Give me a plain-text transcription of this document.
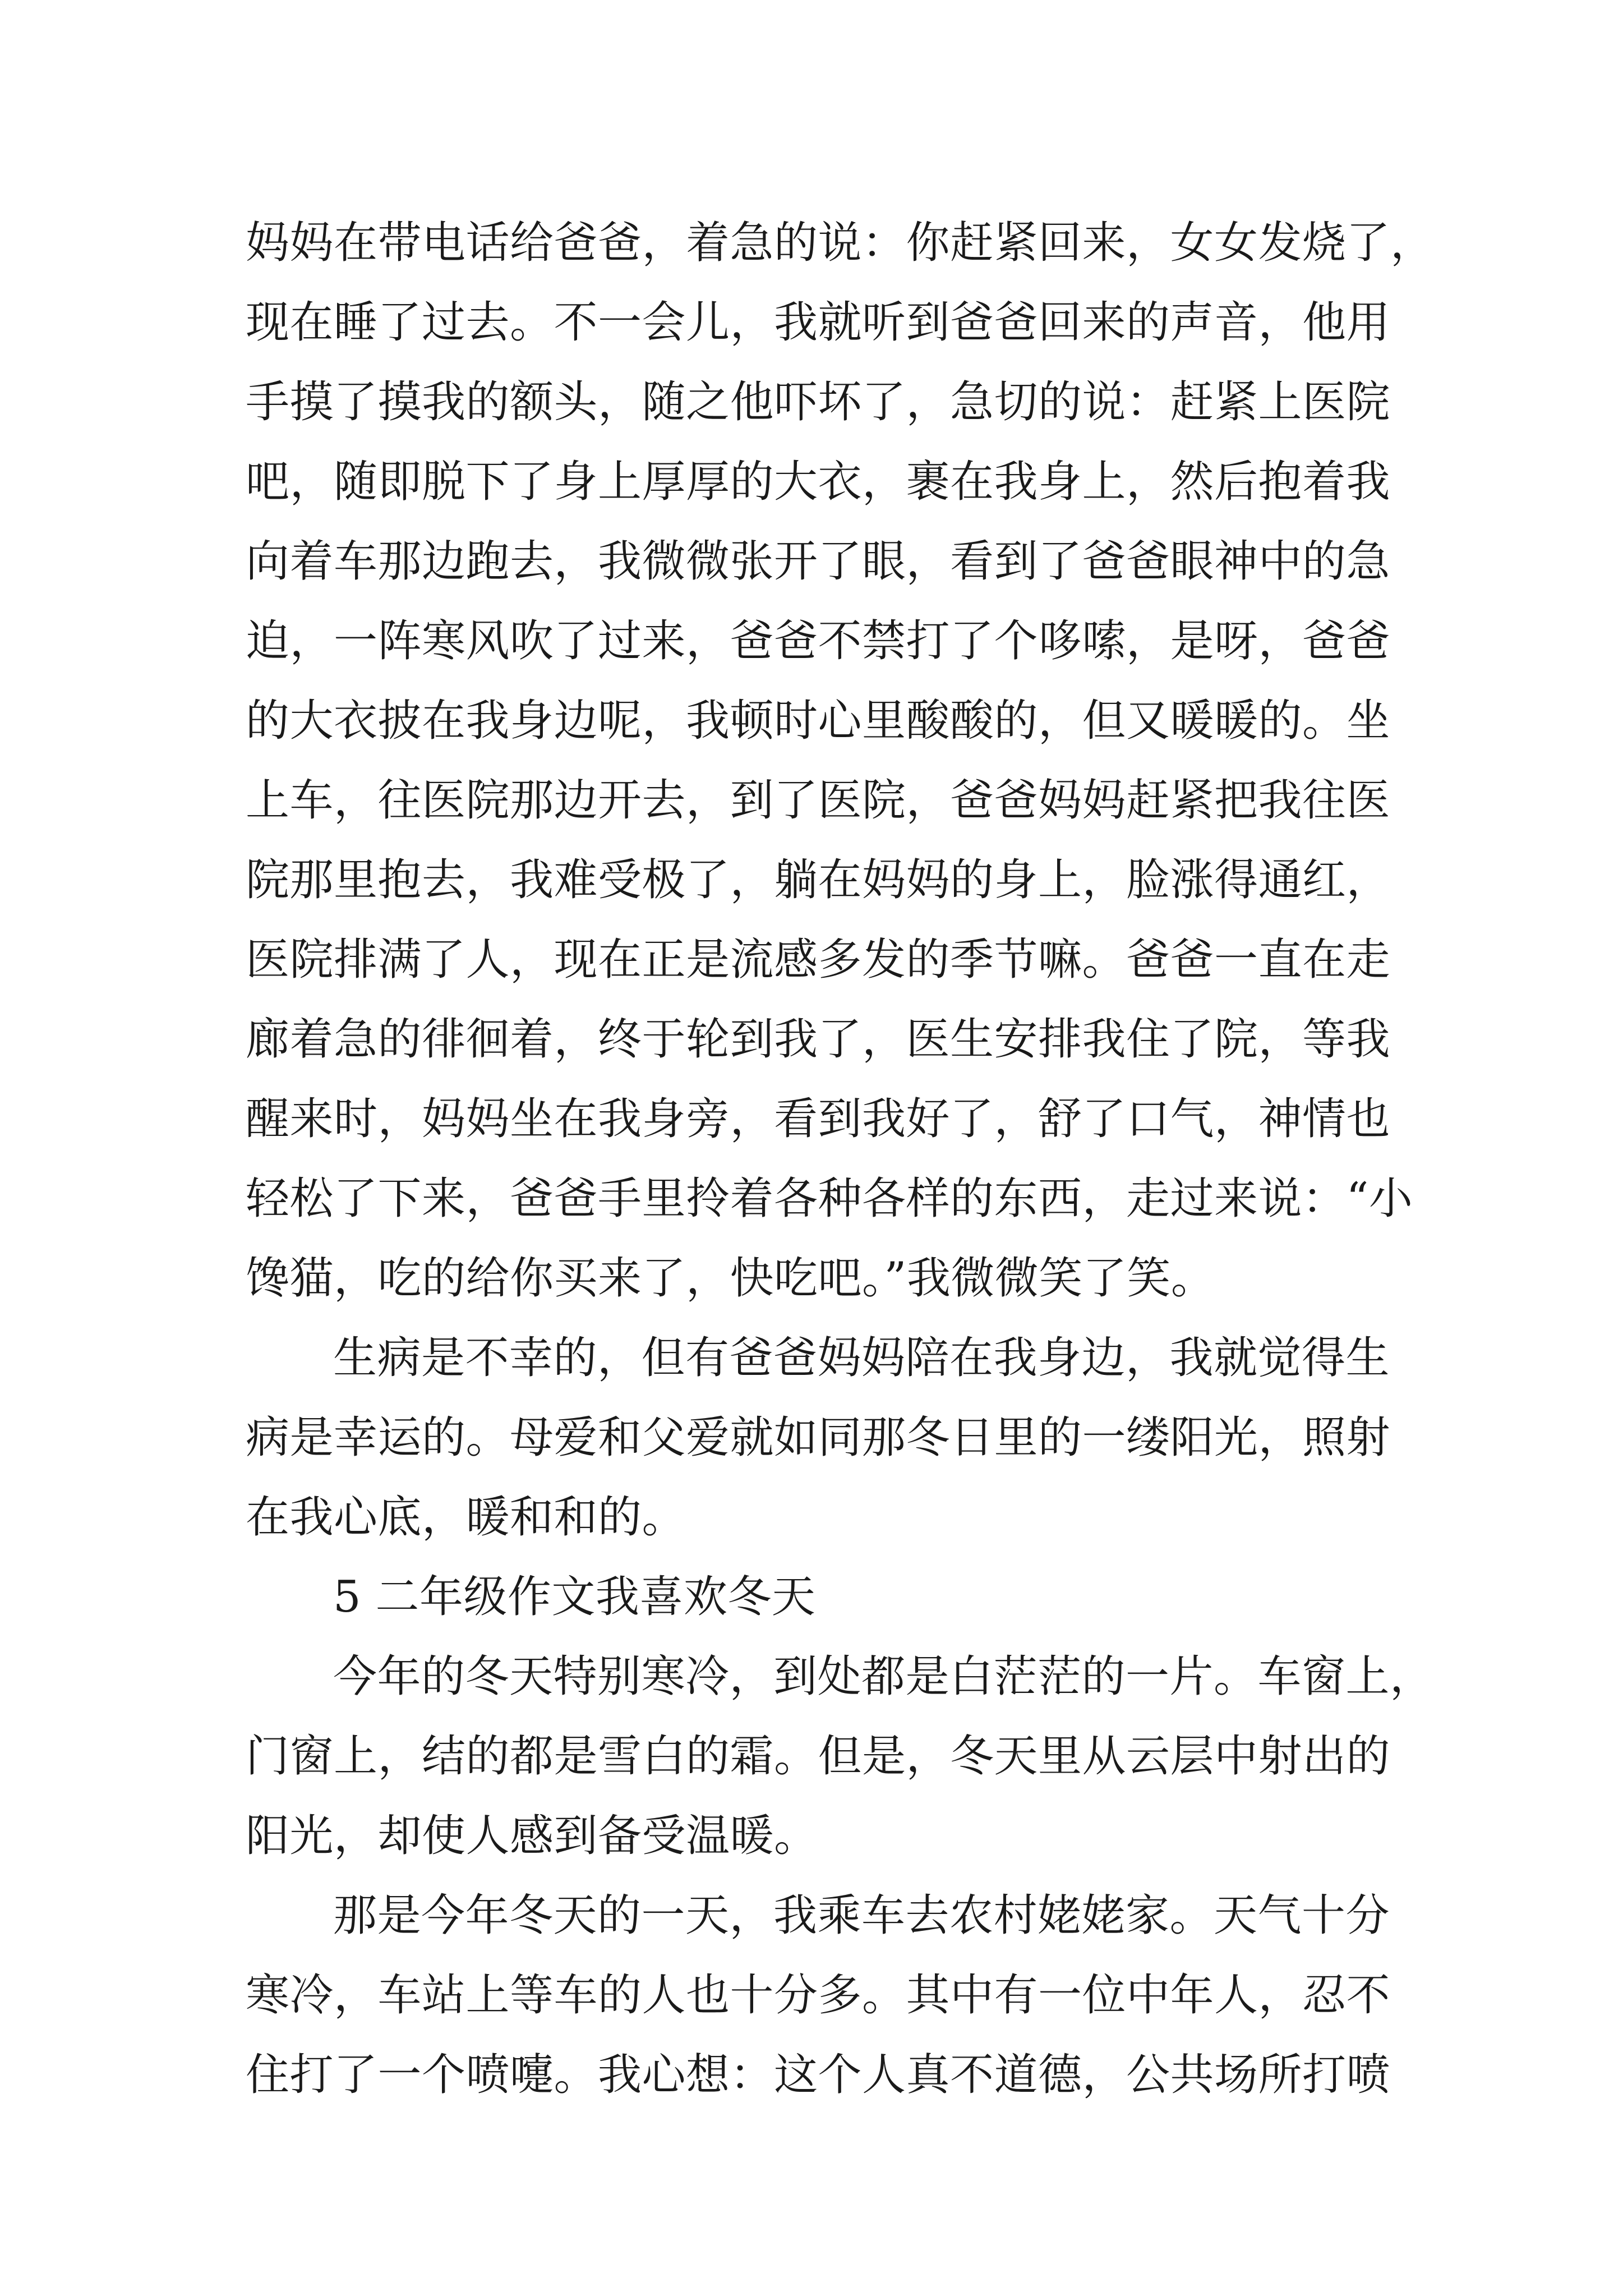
妈妈在带电话给爸爸，着急的说：你赶紧回来，女女发烧了，
现在睡了过去。不一会儿，我就听到爸爸回来的声音，他用
手摸了摸我的额头，随之他吓坏了，急切的说：赶紧上医院
吧，随即脱下了身上厚厚的大衣，裹在我身上，然后抱着我
向着车那边跑去，我微微张开了眼，看到了爸爸眼神中的急
迫，一阵寒风吹了过来，爸爸不禁打了个哆嗦，是呀，爸爸
的大衣披在我身边呢，我顿时心里酸酸的，但又暖暖的。坐
上车，往医院那边开去，到了医院，爸爸妈妈赶紧把我往医
院那里抱去，我难受极了，躺在妈妈的身上，脸涨得通红，
医院排满了人，现在正是流感多发的季节嘛。爸爸一直在走
廊着急的徘徊着，终于轮到我了，医生安排我住了院，等我
醒来时，妈妈坐在我身旁，看到我好了，舒了口气，神情也
轻松了下来，爸爸手里拎着各种各样的东西，走过来说：“小
馋猫，吃的给你买来了，快吃吧。”我微微笑了笑。
生病是不幸的，但有爸爸妈妈陪在我身边，我就觉得生
病是幸运的。母爱和父爱就如同那冬日里的一缕阳光，照射
在我心底，暖和和的。
5 二年级作文我喜欢冬天
今年的冬天特别寒冷，到处都是白茫茫的一片。车窗上，
门窗上，结的都是雪白的霜。但是，冬天里从云层中射出的
阳光，却使人感到备受温暖。
那是今年冬天的一天，我乘车去农村姥姥家。天气十分
寒冷，车站上等车的人也十分多。其中有一位中年人，忍不
住打了一个喷嚏。我心想：这个人真不道德，公共场所打喷
